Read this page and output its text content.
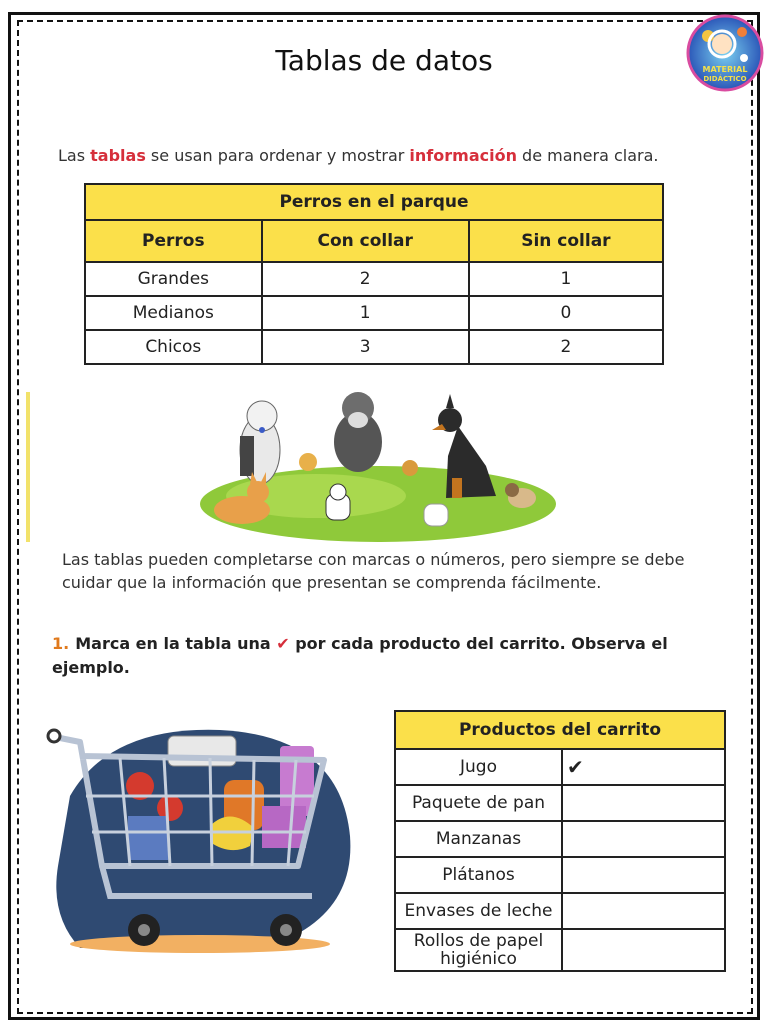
Tablas de datos	MATERIAL
DIDÁCTICO
Las tablas se usan para ordenar y mostrar información de manera clara.
Perros en el parque		
Perros	Con collar	Sin collar
Grandes	2	1
Medianos	1	0
Chicos	3	2
Las tablas pueden completarse con marcas o números, pero siempre se debe cuidar que la información que presentan se comprenda fácilmente.
1. Marca en la tabla una ✔ por cada producto del carrito. Observa el ejemplo.
Productos del carrito	
Jugo	✔
Paquete de pan	
Manzanas	
Plátanos	
Envases de leche	
Rollos de papel higiénico	
